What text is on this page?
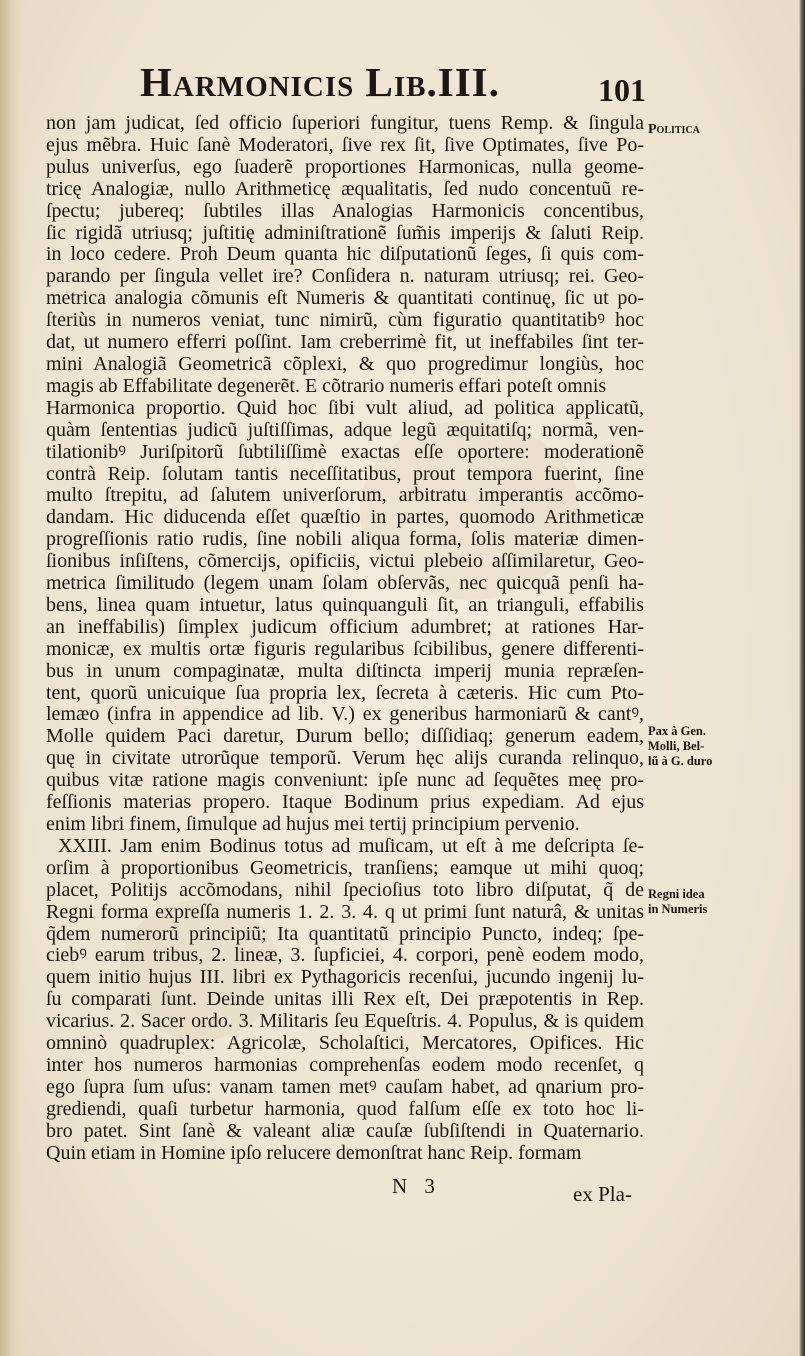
Harmonicis Lib.III.	101
non jam judicat, ſed officio ſuperiori fungitur, tuens Remp. & ſingula
ejus mẽbra. Huic ſanè Moderatori, ſive rex ſit, ſive Optimates, ſive Po-
pulus univerſus, ego ſuaderẽ proportiones Harmonicas, nulla geome-
tricę Analogiæ, nullo Arithmeticę æqualitatis, ſed nudo concentuũ re-
ſpectu; jubereq; ſubtiles illas Analogias Harmonicis concentibus,
ſic rigidã utriusq; juſtitię adminiſtrationẽ ſum̃is imperijs & ſaluti Reip.
in loco cedere. Proh Deum quanta hic diſputationũ ſeges, ſi quis com-
parando per ſingula vellet ire? Conſidera n. naturam utriusq; rei. Geo-
metrica analogia cõmunis eſt Numeris & quantitati continuę, ſic ut po-
ſteriùs in numeros veniat, tunc nimirũ, cùm figuratio quantitatibꝰ hoc
dat, ut numero efferri poſſint. Iam creberrimè fit, ut ineffabiles ſint ter-
mini Analogiã Geometricã cõplexi, & quo progredimur longiùs, hoc
magis ab Effabilitate degenerẽt. E cõtrario numeris effari poteſt omnis
Harmonica proportio. Quid hoc ſibi vult aliud, ad politica applicatũ,
quàm ſententias judicũ juſtiſſimas, adque legũ æquitatiſq; normã, ven-
tilationibꝰ Juriſpitorũ ſubtiliſſimè exactas eſſe oportere: moderationẽ
contrà Reip. ſolutam tantis neceſſitatibus, prout tempora fuerint, ſine
multo ſtrepitu, ad ſalutem univerſorum, arbitratu imperantis accõmo-
dandam. Hic diducenda eſſet quæſtio in partes, quomodo Arithmeticæ
progreſſionis ratio rudis, ſine nobili aliqua forma, ſolis materiæ dimen-
ſionibus inſiſtens, cõmercijs, opificiis, victui plebeio aſſimilaretur, Geo-
metrica ſimilitudo (legem unam ſolam obſervãs, nec quicquã penſi ha-
bens, linea quam intuetur, latus quinquanguli ſit, an trianguli, effabilis
an ineffabilis) ſimplex judicum officium adumbret; at rationes Har-
monicæ, ex multis ortæ figuris regularibus ſcibilibus, genere differenti-
bus in unum compaginatæ, multa diſtincta imperij munia repræſen-
tent, quorũ unicuique ſua propria lex, ſecreta à cæteris. Hic cum Pto-
lemæo (infra in appendice ad lib. V.) ex generibus harmoniarũ & cantꝰ,
Molle quidem Paci daretur, Durum bello; diſſidiaq; generum eadem,
quę in civitate utrorũque temporũ. Verum hęc alijs curanda relinquo,
quibus vitæ ratione magis conveniunt: ipſe nunc ad ſequẽtes meę pro-
feſſionis materias propero. Itaque Bodinum prius expediam. Ad ejus
enim libri finem, ſimulque ad hujus mei tertij principium pervenio.
XXIII. Jam enim Bodinus totus ad muſicam, ut eſt à me deſcripta ſe-
orſim à proportionibus Geometricis, tranſiens; eamque ut mihi quoq;
placet, Politijs accõmodans, nihil ſpecioſius toto libro diſputat, q̃ de
Regni forma expreſſa numeris 1. 2. 3. 4. q ut primi ſunt naturâ, & unitas
q̃dem numerorũ principiũ; Ita quantitatũ principio Puncto, indeq; ſpe-
ciebꝰ earum tribus, 2. lineæ, 3. ſupficiei, 4. corpori, penè eodem modo,
quem initio hujus III. libri ex Pythagoricis recenſui, jucundo ingenij lu-
ſu comparati ſunt. Deinde unitas illi Rex eſt, Dei præpotentis in Rep.
vicarius. 2. Sacer ordo. 3. Militaris ſeu Equeſtris. 4. Populus, & is quidem
omninò quadruplex: Agricolæ, Scholaſtici, Mercatores, Opifices. Hic
inter hos numeros harmonias comprehenſas eodem modo recenſet, q
ego ſupra ſum uſus: vanam tamen metꝰ cauſam habet, ad qnarium pro-
grediendi, quaſi turbetur harmonia, quod falſum eſſe ex toto hoc li-
bro patet. Sint ſanè & valeant aliæ cauſæ ſubſiſtendi in Quaternario.
Quin etiam in Homine ipſo relucere demonſtrat hanc Reip. formam
Politica
Pax à Gen.
Molli, Bel-
lũ à G. duro
Regni idea
in Numeris
N 3	ex Pla-
